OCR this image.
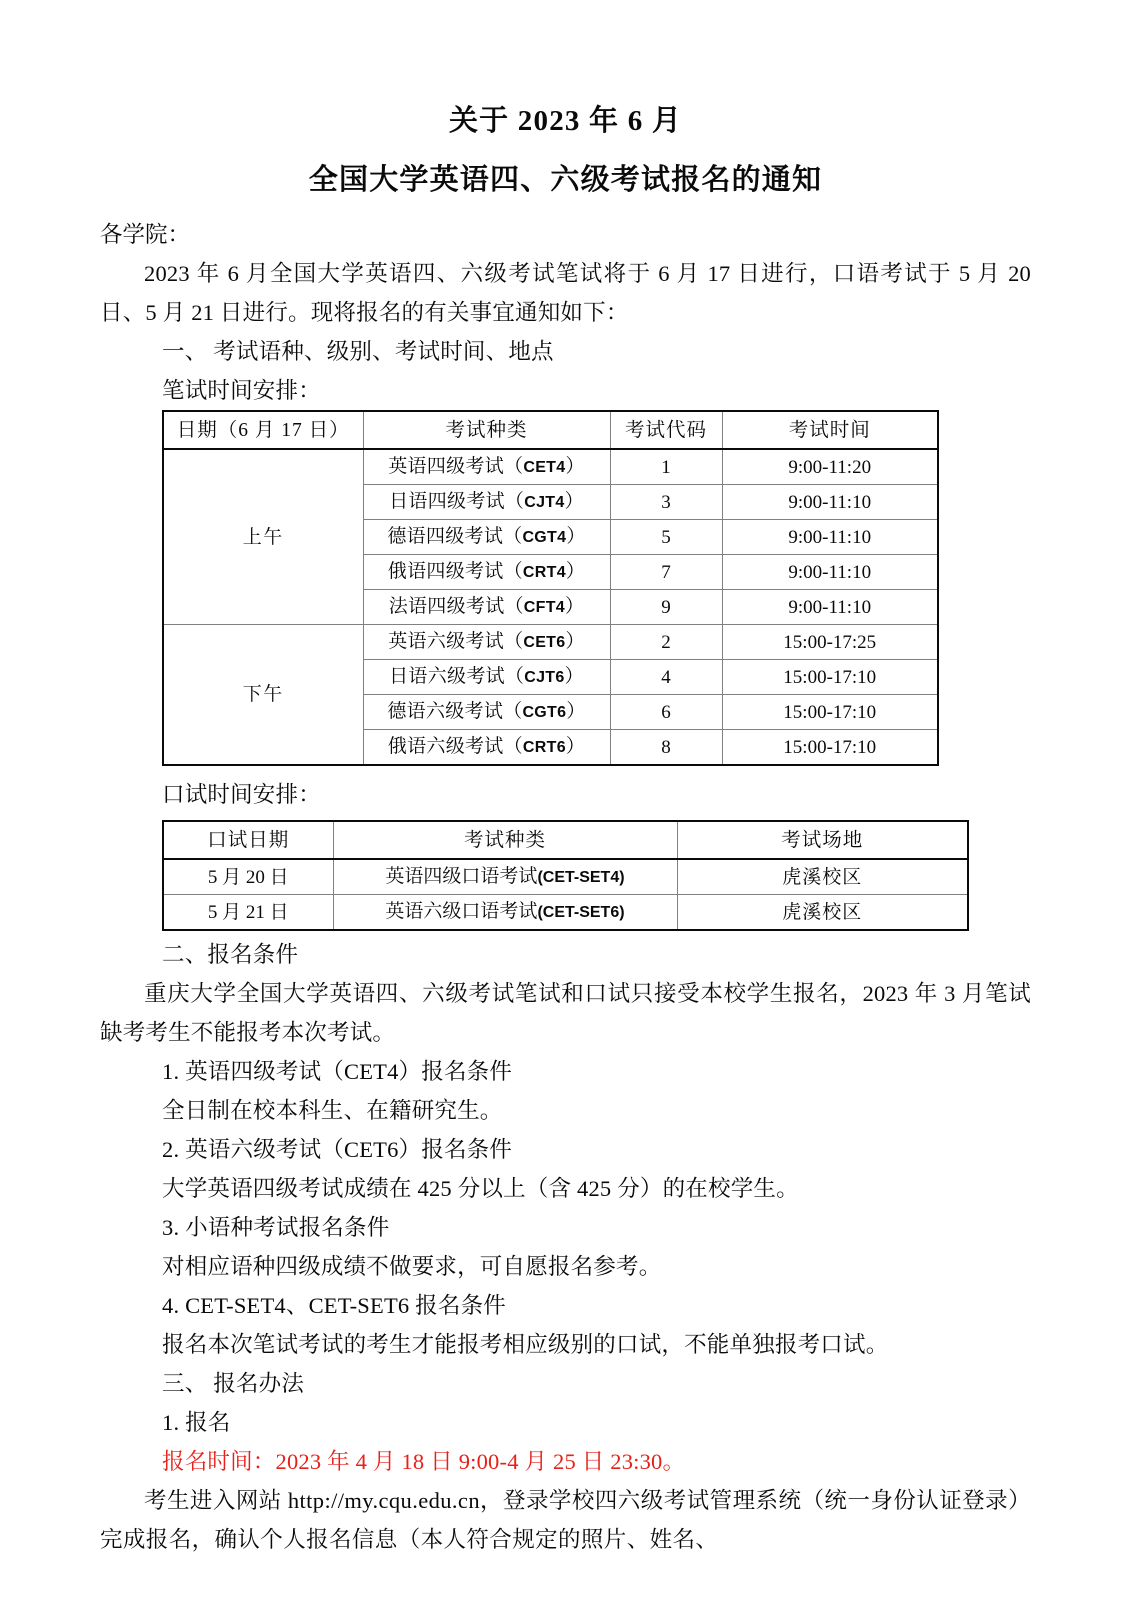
关于 2023 年 6 月
全国大学英语四、六级考试报名的通知
各学院：
2023 年 6 月全国大学英语四、六级考试笔试将于 6 月 17 日进行，口语考试于 5 月 20 日、5 月 21 日进行。现将报名的有关事宜通知如下：
一、 考试语种、级别、考试时间、地点
笔试时间安排：
日期（6 月 17 日）	考试种类	考试代码	考试时间
上午	英语四级考试（CET4）	1	9:00-11:20
	日语四级考试（CJT4）	3	9:00-11:10
	德语四级考试（CGT4）	5	9:00-11:10
	俄语四级考试（CRT4）	7	9:00-11:10
	法语四级考试（CFT4）	9	9:00-11:10
下午	英语六级考试（CET6）	2	15:00-17:25
	日语六级考试（CJT6）	4	15:00-17:10
	德语六级考试（CGT6）	6	15:00-17:10
	俄语六级考试（CRT6）	8	15:00-17:10
口试时间安排：
口试日期	考试种类	考试场地
5 月 20 日	英语四级口语考试(CET-SET4)	虎溪校区
5 月 21 日	英语六级口语考试(CET-SET6)	虎溪校区
二、报名条件
重庆大学全国大学英语四、六级考试笔试和口试只接受本校学生报名，2023 年 3 月笔试缺考考生不能报考本次考试。
1. 英语四级考试（CET4）报名条件
全日制在校本科生、在籍研究生。
2. 英语六级考试（CET6）报名条件
大学英语四级考试成绩在 425 分以上（含 425 分）的在校学生。
3. 小语种考试报名条件
对相应语种四级成绩不做要求，可自愿报名参考。
4. CET-SET4、CET-SET6 报名条件
报名本次笔试考试的考生才能报考相应级别的口试，不能单独报考口试。
三、 报名办法
1. 报名
报名时间：2023 年 4 月 18 日 9:00-4 月 25 日 23:30。
考生进入网站 http://my.cqu.edu.cn，登录学校四六级考试管理系统（统一身份认证登录）完成报名，确认个人报名信息（本人符合规定的照片、姓名、
